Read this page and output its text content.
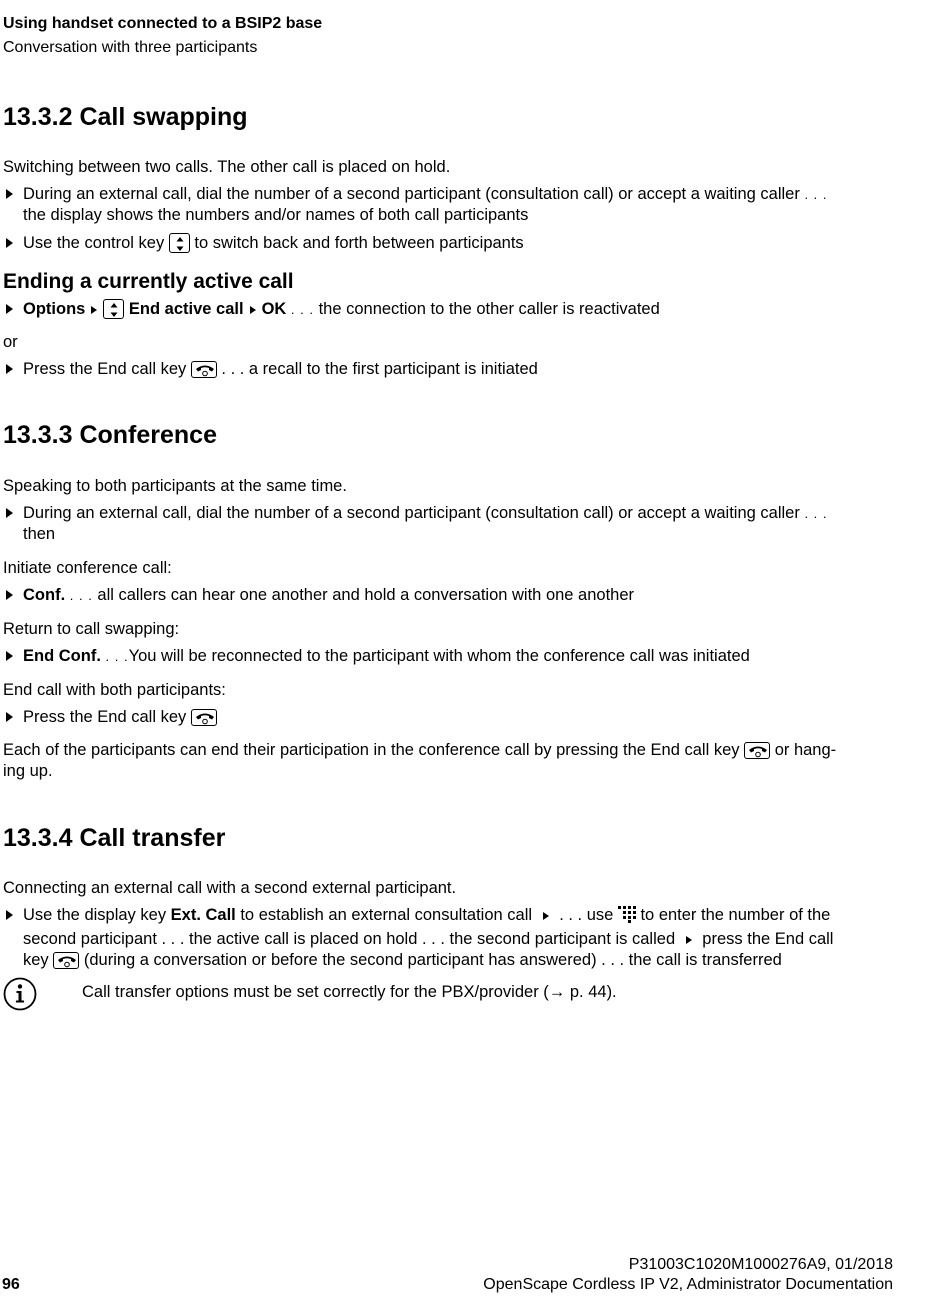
Using handset connected to a BSIP2 base
Conversation with three participants
13.3.2 Call swapping
Switching between two calls. The other call is placed on hold.
During an external call, dial the number of a second participant (consultation call) or accept a waiting caller . . .
the display shows the numbers and/or names of both call participants
Use the control key
to switch back and forth between participants
Ending a currently active call
Options	End active call OK . . . the connection to the other caller is reactivated
or
Press the End call key
. . . a recall to the first participant is initiated
13.3.3 Conference
Speaking to both participants at the same time.
During an external call, dial the number of a second participant (consultation call) or accept a waiting caller . . .
then
Initiate conference call:
Conf. . . . all callers can hear one another and hold a conversation with one another
Return to call swapping:
End Conf. . . .You will be reconnected to the participant with whom the conference call was initiated
End call with both participants:
Press the End call key
Each of the participants can end their participation in the conference call by pressing the End call key
or hang-
ing up.
13.3.4 Call transfer
Connecting an external call with a second external participant.
Use the display key Ext. Call to establish an external consultation call  . . . use  to enter the number of the
second participant . . . the active call is placed on hold . . . the second participant is called  press the End call
key
(during a conversation or before the second participant has answered) . . . the call is transferred
Call transfer options must be set correctly for the PBX/provider (→ p. 44).
96
P31003C1020M1000276A9, 01/2018
OpenScape Cordless IP V2, Administrator Documentation
